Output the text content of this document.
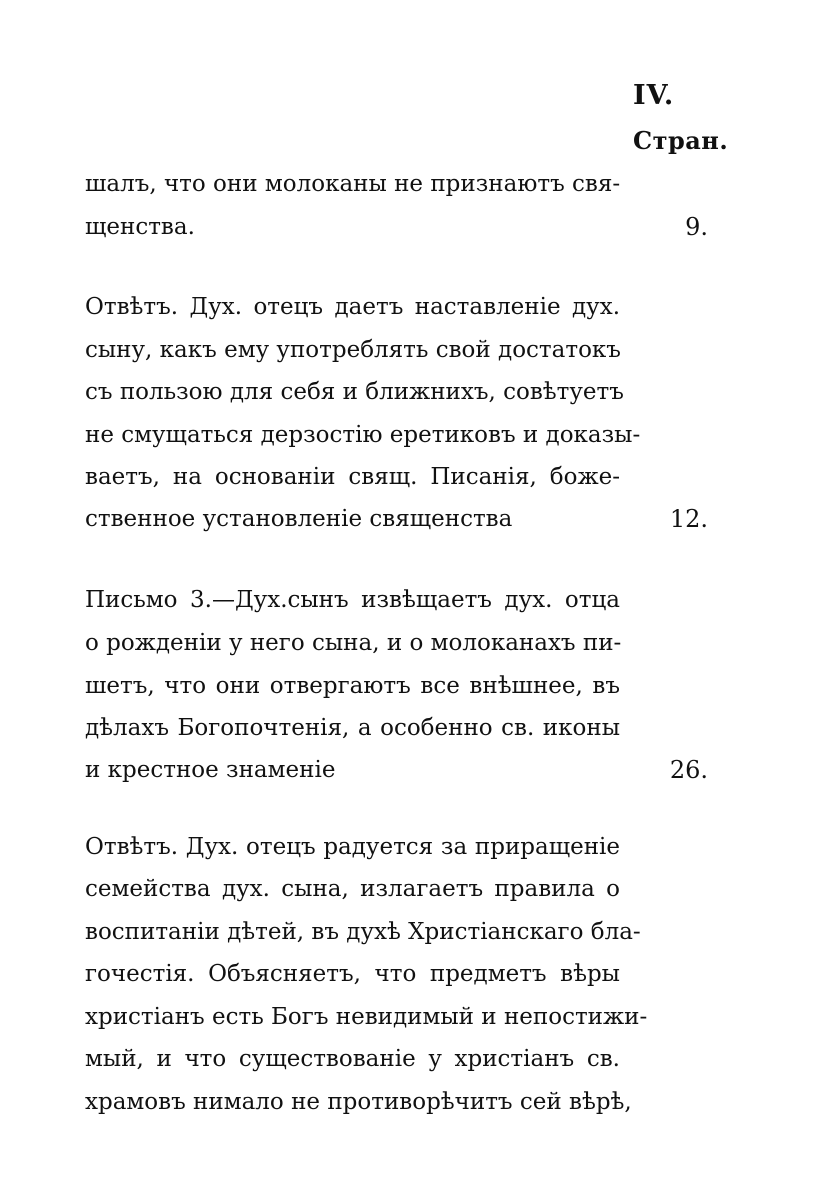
IV.
Стран.
шалъ, что они молоканы не признаютъ свя-
щенства.	9.
Отвѣтъ. Дух. отецъ даетъ наставленіе дух.
сыну, какъ ему употреблять свой достатокъ
съ пользою для себя и ближнихъ, совѣтуетъ
не смущаться дерзостію еретиковъ и доказы-
ваетъ, на основаніи свящ. Писанія, боже-
ственное установленіе священства	12.
Письмо 3.—Дух.сынъ извѣщаетъ дух. отца
о рожденіи у него сына, и о молоканахъ пи-
шетъ, что они отвергаютъ все внѣшнее, въ
дѣлахъ Богопочтенія, а особенно св. иконы
и крестное знаменіе	26.
Отвѣтъ. Дух. отецъ радуется за приращеніе
семейства дух. сына, излагаетъ правила о
воспитаніи дѣтей, въ духѣ Христіанскаго бла-
гочестія. Объясняетъ, что предметъ вѣры
христіанъ есть Богъ невидимый и непостижи-
мый, и что существованіе у христіанъ св.
храмовъ нимало не противорѣчитъ сей вѣрѣ,
